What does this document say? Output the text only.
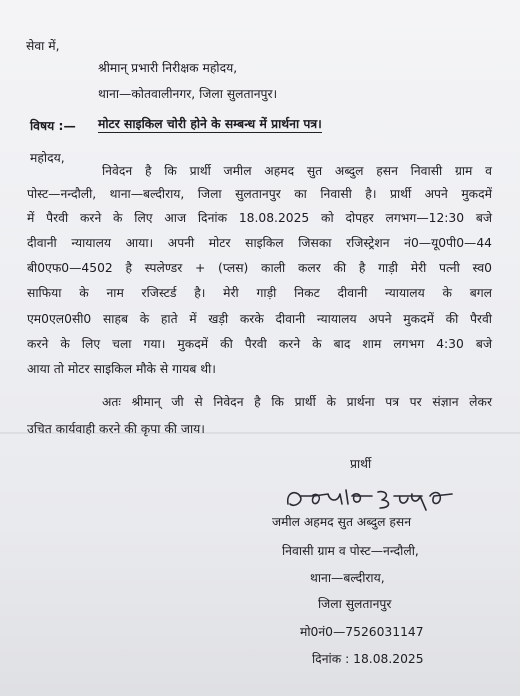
सेवा में,
श्रीमान् प्रभारी निरीक्षक महोदय,
थाना—कोतवालीनगर, जिला सुलतानपुर।
विषय :— मोटर साइकिल चोरी होने के सम्बन्ध में प्रार्थना पत्र।
महोदय,
निवेदन है कि प्रार्थी जमील अहमद सुत अब्दुल हसन निवासी ग्राम व
पोस्ट—नन्दौली, थाना—बल्दीराय, जिला सुलतानपुर का निवासी है। प्रार्थी अपने मुकदमें
में पैरवी करने के लिए आज दिनांक 18.08.2025 को दोपहर लगभग—12:30 बजे
दीवानी न्यायालय आया। अपनी मोटर साइकिल जिसका रजिस्ट्रेशन नं0—यू0पी0—44
बी0एफ0—4502 है स्पलेण्डर + (प्लस) काली कलर की है गाड़ी मेरी पत्नी स्व0
साफिया के नाम रजिस्टर्ड है। मेरी गाड़ी निकट दीवानी न्यायालय के बगल
एम0एल0सी0 साहब के हाते में खड़ी करके दीवानी न्यायालय अपने मुकदमें की पैरवी
करने के लिए चला गया। मुकदमें की पैरवी करने के बाद शाम लगभग 4:30 बजे
आया तो मोटर साइकिल मौके से गायब थी।
अतः श्रीमान् जी से निवेदन है कि प्रार्थी के प्रार्थना पत्र पर संज्ञान लेकर
उचित कार्यवाही करने की कृपा की जाय।
प्रार्थी
जमील अहमद सुत अब्दुल हसन
निवासी ग्राम व पोस्ट—नन्दौली,
थाना—बल्दीराय,
जिला सुलतानपुर
मो0नं0—7526031147
दिनांक : 18.08.2025
